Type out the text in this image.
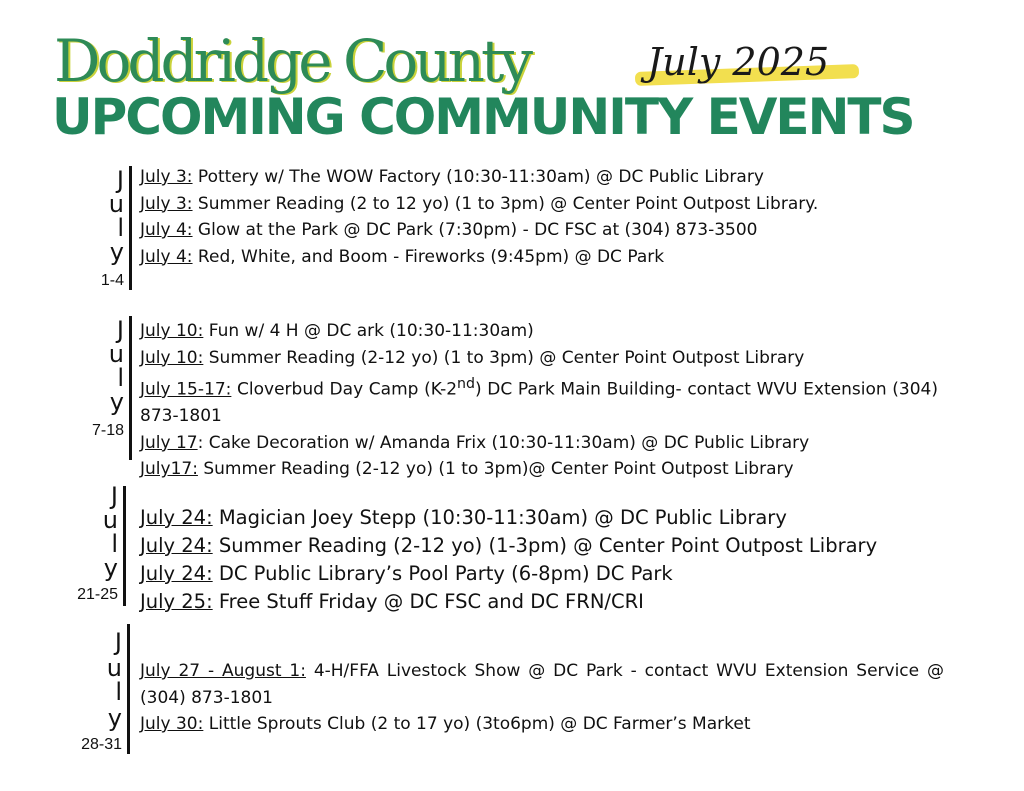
Doddridge County	July 2025
UPCOMING COMMUNITY EVENTS
J
u
l
y
1-4

July 3: Pottery w/ The WOW Factory (10:30-11:30am) @ DC Public Library

July 3: Summer Reading (2 to 12 yo) (1 to 3pm) @ Center Point Outpost Library.

July 4: Glow at the Park @ DC Park (7:30pm) - DC FSC at (304) 873-3500

July 4: Red, White, and Boom - Fireworks (9:45pm) @ DC Park

J
u
l
y
7-18

July 10: Fun w/ 4 H @ DC ark (10:30-11:30am)

July 10: Summer Reading (2-12 yo) (1 to 3pm) @ Center Point Outpost Library

July 15-17: Cloverbud Day Camp (K-2nd) DC Park Main Building- contact WVU Extension (304) 873-1801

July 17: Cake Decoration w/ Amanda Frix (10:30-11:30am) @ DC Public Library

July17: Summer Reading (2-12 yo) (1 to 3pm)@ Center Point Outpost Library

J
u
l
y
21-25

July 24: Magician Joey Stepp (10:30-11:30am) @ DC Public Library

July 24: Summer Reading (2-12 yo) (1-3pm) @ Center Point Outpost Library

July 24: DC Public Library’s Pool Party (6-8pm) DC Park

July 25: Free Stuff Friday @ DC FSC and DC FRN/CRI

J
u
l
y
28-31

July 27 - August 1: 4-H/FFA Livestock Show @ DC Park - contact WVU Extension Service @ (304) 873-1801

July 30: Little Sprouts Club (2 to 17 yo) (3to6pm) @ DC Farmer’s Market
